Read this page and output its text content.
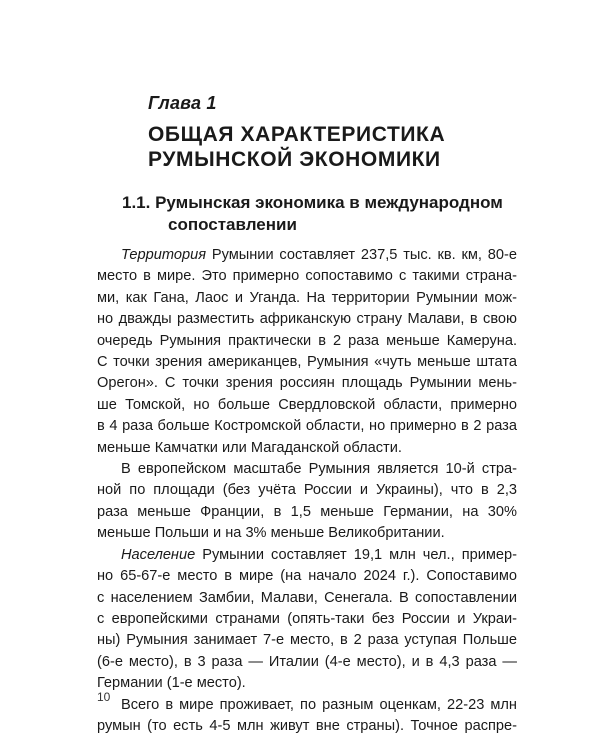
Глава 1
ОБЩАЯ ХАРАКТЕРИСТИКА
РУМЫНСКОЙ ЭКОНОМИКИ
1.1. Румынская экономика в международном
сопоставлении
Территория Румынии составляет 237,5 тыс. кв. км, 80-е
место в мире. Это примерно сопоставимо с такими страна-
ми, как Гана, Лаос и Уганда. На территории Румынии мож-
но дважды разместить африканскую страну Малави, в свою
очередь Румыния практически в 2 раза меньше Камеруна.
С точки зрения американцев, Румыния «чуть меньше штата
Орегон». С точки зрения россиян площадь Румынии мень-
ше Томской, но больше Свердловской области, примерно
в 4 раза больше Костромской области, но примерно в 2 раза
меньше Камчатки или Магаданской области.
В европейском масштабе Румыния является 10-й стра-
ной по площади (без учёта России и Украины), что в 2,3
раза меньше Франции, в 1,5 меньше Германии, на 30%
меньше Польши и на 3% меньше Великобритании.
Население Румынии составляет 19,1 млн чел., пример-
но 65-67-е место в мире (на начало 2024 г.). Сопоставимо
с населением Замбии, Малави, Сенегала. В сопоставлении
с европейскими странами (опять-таки без России и Украи-
ны) Румыния занимает 7-е место, в 2 раза уступая Польше
(6-е место), в 3 раза — Италии (4-е место), и в 4,3 раза —
Германии (1-е место).
Всего в мире проживает, по разным оценкам, 22-23 млн
румын (то есть 4-5 млн живут вне страны). Точное распре-
10
